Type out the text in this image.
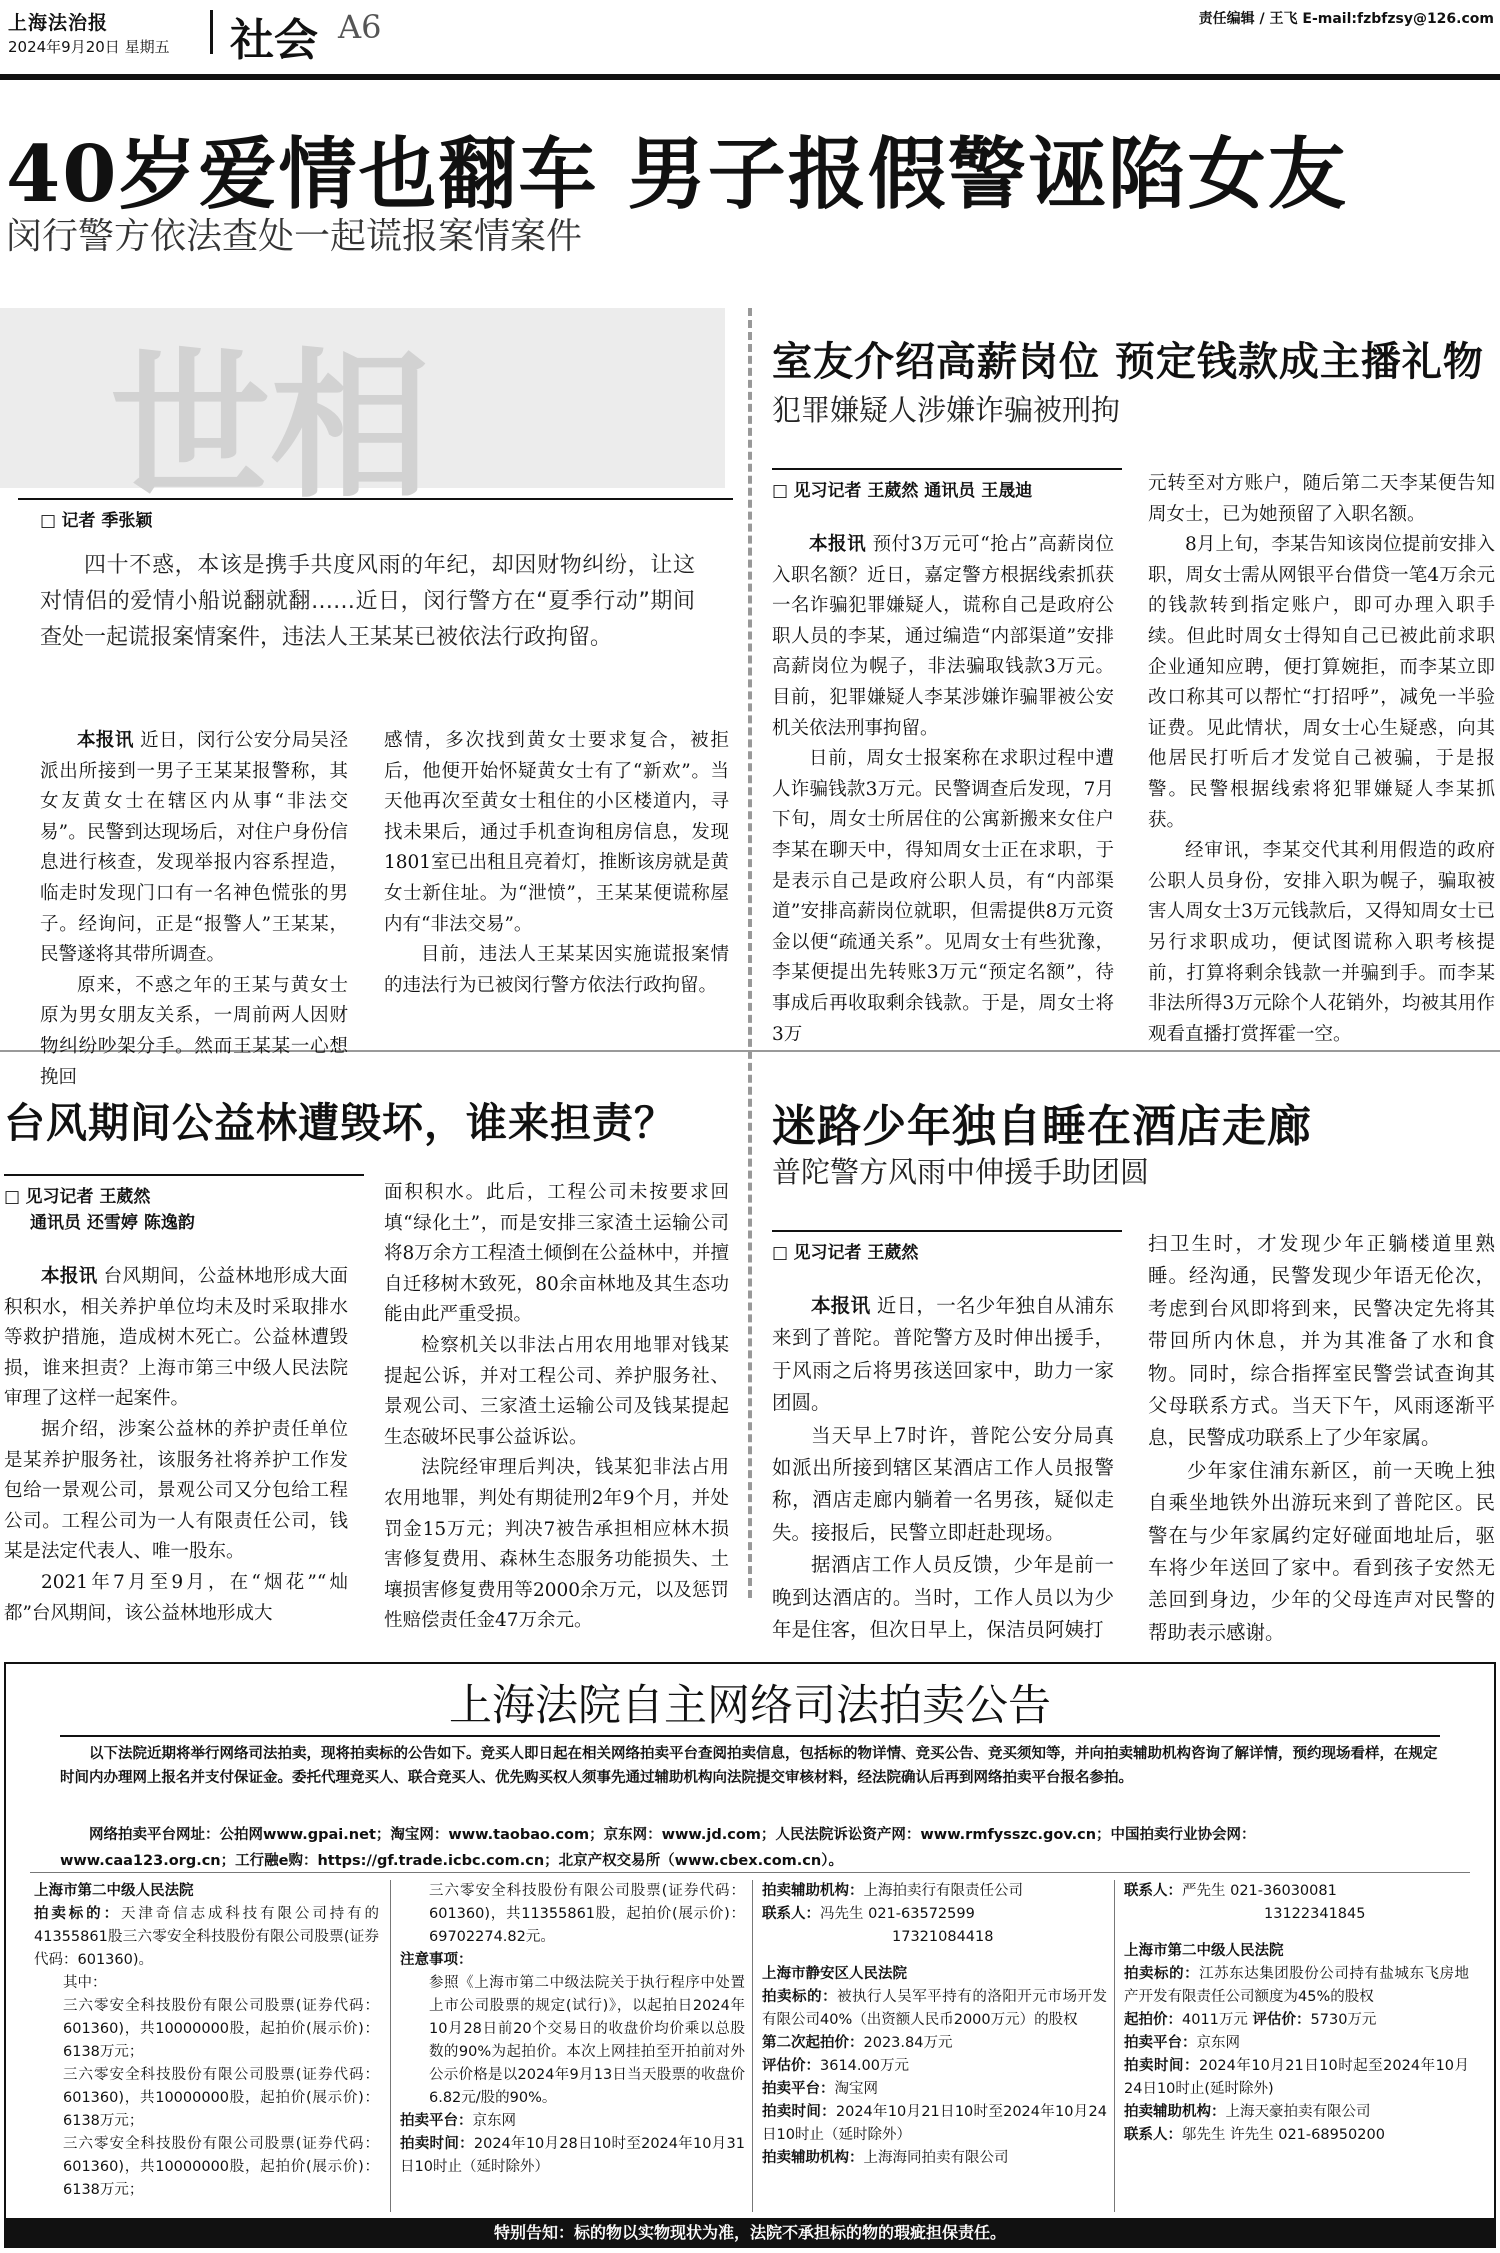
上海法治报
2024年9月20日 星期五 社会 A6	责任编辑 / 王飞 E-mail:fzbfzsy@126.com
40岁爱情也翻车 男子报假警诬陷女友
闵行警方依法查处一起谎报案情案件
世相
□ 记者 季张颖

四十不惑，本该是携手共度风雨的年纪，却因财物纠纷，让这对情侣的爱情小船说翻就翻……近日，闵行警方在“夏季行动”期间查处一起谎报案情案件，违法人王某某已被依法行政拘留。

本报讯 近日，闵行公安分局吴泾派出所接到一男子王某某报警称，其女友黄女士在辖区内从事“非法交易”。民警到达现场后，对住户身份信息进行核查，发现举报内容系捏造，临走时发现门口有一名神色慌张的男子。经询问，正是“报警人”王某某，民警遂将其带所调查。

原来，不惑之年的王某与黄女士原为男女朋友关系，一周前两人因财物纠纷吵架分手。然而王某某一心想挽回

感情，多次找到黄女士要求复合，被拒后，他便开始怀疑黄女士有了“新欢”。当天他再次至黄女士租住的小区楼道内，寻找未果后，通过手机查询租房信息，发现1801室已出租且亮着灯，推断该房就是黄女士新住址。为“泄愤”，王某某便谎称屋内有“非法交易”。

目前，违法人王某某因实施谎报案情的违法行为已被闵行警方依法行政拘留。

室友介绍高薪岗位 预定钱款成主播礼物
犯罪嫌疑人涉嫌诈骗被刑拘
□ 见习记者 王葳然 通讯员 王晟迪

本报讯 预付3万元可“抢占”高薪岗位入职名额？近日，嘉定警方根据线索抓获一名诈骗犯罪嫌疑人，谎称自己是政府公职人员的李某，通过编造“内部渠道”安排高薪岗位为幌子，非法骗取钱款3万元。目前，犯罪嫌疑人李某涉嫌诈骗罪被公安机关依法刑事拘留。

日前，周女士报案称在求职过程中遭人诈骗钱款3万元。民警调查后发现，7月下旬，周女士所居住的公寓新搬来女住户李某在聊天中，得知周女士正在求职，于是表示自己是政府公职人员，有“内部渠道”安排高薪岗位就职，但需提供8万元资金以便“疏通关系”。见周女士有些犹豫，李某便提出先转账3万元“预定名额”，待事成后再收取剩余钱款。于是，周女士将3万

元转至对方账户，随后第二天李某便告知周女士，已为她预留了入职名额。

8月上旬，李某告知该岗位提前安排入职，周女士需从网银平台借贷一笔4万余元的钱款转到指定账户，即可办理入职手续。但此时周女士得知自己已被此前求职企业通知应聘，便打算婉拒，而李某立即改口称其可以帮忙“打招呼”，减免一半验证费。见此情状，周女士心生疑惑，向其他居民打听后才发觉自己被骗，于是报警。民警根据线索将犯罪嫌疑人李某抓获。

经审讯，李某交代其利用假造的政府公职人员身份，安排入职为幌子，骗取被害人周女士3万元钱款后，又得知周女士已另行求职成功，便试图谎称入职考核提前，打算将剩余钱款一并骗到手。而李某非法所得3万元除个人花销外，均被其用作观看直播打赏挥霍一空。

台风期间公益林遭毁坏，谁来担责？
□ 见习记者 王葳然
通讯员 还雪婷 陈逸韵

本报讯 台风期间，公益林地形成大面积积水，相关养护单位均未及时采取排水等救护措施，造成树木死亡。公益林遭毁损，谁来担责？上海市第三中级人民法院审理了这样一起案件。

据介绍，涉案公益林的养护责任单位是某养护服务社，该服务社将养护工作发包给一景观公司，景观公司又分包给工程公司。工程公司为一人有限责任公司，钱某是法定代表人、唯一股东。

2021年7月至9月，在“烟花”“灿都”台风期间，该公益林地形成大

面积积水。此后，工程公司未按要求回填“绿化土”，而是安排三家渣土运输公司将8万余方工程渣土倾倒在公益林中，并擅自迁移树木致死，80余亩林地及其生态功能由此严重受损。

检察机关以非法占用农用地罪对钱某提起公诉，并对工程公司、养护服务社、景观公司、三家渣土运输公司及钱某提起生态破坏民事公益诉讼。

法院经审理后判决，钱某犯非法占用农用地罪，判处有期徒刑2年9个月，并处罚金15万元；判决7被告承担相应林木损害修复费用、森林生态服务功能损失、土壤损害修复费用等2000余万元，以及惩罚性赔偿责任金47万余元。

迷路少年独自睡在酒店走廊
普陀警方风雨中伸援手助团圆
□ 见习记者 王葳然

本报讯 近日，一名少年独自从浦东来到了普陀。普陀警方及时伸出援手，于风雨之后将男孩送回家中，助力一家团圆。

当天早上7时许，普陀公安分局真如派出所接到辖区某酒店工作人员报警称，酒店走廊内躺着一名男孩，疑似走失。接报后，民警立即赶赴现场。

据酒店工作人员反馈，少年是前一晚到达酒店的。当时，工作人员以为少年是住客，但次日早上，保洁员阿姨打

扫卫生时，才发现少年正躺楼道里熟睡。经沟通，民警发现少年语无伦次，考虑到台风即将到来，民警决定先将其带回所内休息，并为其准备了水和食物。同时，综合指挥室民警尝试查询其父母联系方式。当天下午，风雨逐渐平息，民警成功联系上了少年家属。

少年家住浦东新区，前一天晚上独自乘坐地铁外出游玩来到了普陀区。民警在与少年家属约定好碰面地址后，驱车将少年送回了家中。看到孩子安然无恙回到身边，少年的父母连声对民警的帮助表示感谢。

上海法院自主网络司法拍卖公告
以下法院近期将举行网络司法拍卖，现将拍卖标的公告如下。竞买人即日起在相关网络拍卖平台查阅拍卖信息，包括标的物详情、竞买公告、竞买须知等，并向拍卖辅助机构咨询了解详情，预约现场看样，在规定时间内办理网上报名并支付保证金。委托代理竞买人、联合竞买人、优先购买权人须事先通过辅助机构向法院提交审核材料，经法院确认后再到网络拍卖平台报名参拍。
网络拍卖平台网址：公拍网www.gpai.net；淘宝网：www.taobao.com；京东网：www.jd.com；人民法院诉讼资产网：www.rmfysszc.gov.cn；中国拍卖行业协会网：
www.caa123.org.cn；工行融e购：https://gf.trade.icbc.com.cn；北京产权交易所（www.cbex.com.cn）。
上海市第二中级人民法院
拍卖标的：天津奇信志成科技有限公司持有的41355861股三六零安全科技股份有限公司股票(证券代码：601360)。
其中：
三六零安全科技股份有限公司股票(证券代码：601360)，共10000000股，起拍价(展示价)：6138万元；
三六零安全科技股份有限公司股票(证券代码：601360)，共10000000股，起拍价(展示价)：6138万元；
三六零安全科技股份有限公司股票(证券代码：601360)，共10000000股，起拍价(展示价)：6138万元；
三六零安全科技股份有限公司股票(证券代码：601360)，共11355861股，起拍价(展示价)：6970227​4.82元。
注意事项：
参照《上海市第二中级法院关于执行程序中处置上市公司股票的规定(试行)》，以起拍日2024年10月28日前20个交易日的收盘价均价乘以总股数的90%为起拍价。本次上网挂拍至开拍前对外公示价格是以2024年9月13日当天股票的收盘价6.82元/股的90%。
拍卖平台：京东网
拍卖时间：2024年10月28日10时至2024年10月31日10时止（延时除外）
拍卖辅助机构：上海拍卖行有限责任公司
联系人：冯先生 021-63572599
17321084418
上海市静安区人民法院
拍卖标的：被执行人吴军平持有的洛阳开元市场开发有限公司40%（出资额人民币2000万元）的股权
第二次起拍价：2023.84万元
评估价：3614.00万元
拍卖平台：淘宝网
拍卖时间：2024年10月21日10时至2024年10月24日10时止（延时除外）
拍卖辅助机构：上海海同拍卖有限公司
联系人：严先生 021-36030081
13122341845
上海市第二中级人民法院
拍卖标的：江苏东达集团股份公司持有盐城东飞房地产开发有限责任公司额度为45%的股权
起拍价：4011万元 评估价：5730万元
拍卖平台：京东网
拍卖时间：2024年10月21日10时起至2024年10月24日10时止(延时除外)
拍卖辅助机构：上海天豪拍卖有限公司
联系人：邬先生 许先生 021-68950200
特别告知：标的物以实物现状为准，法院不承担标的物的瑕疵担保责任。
